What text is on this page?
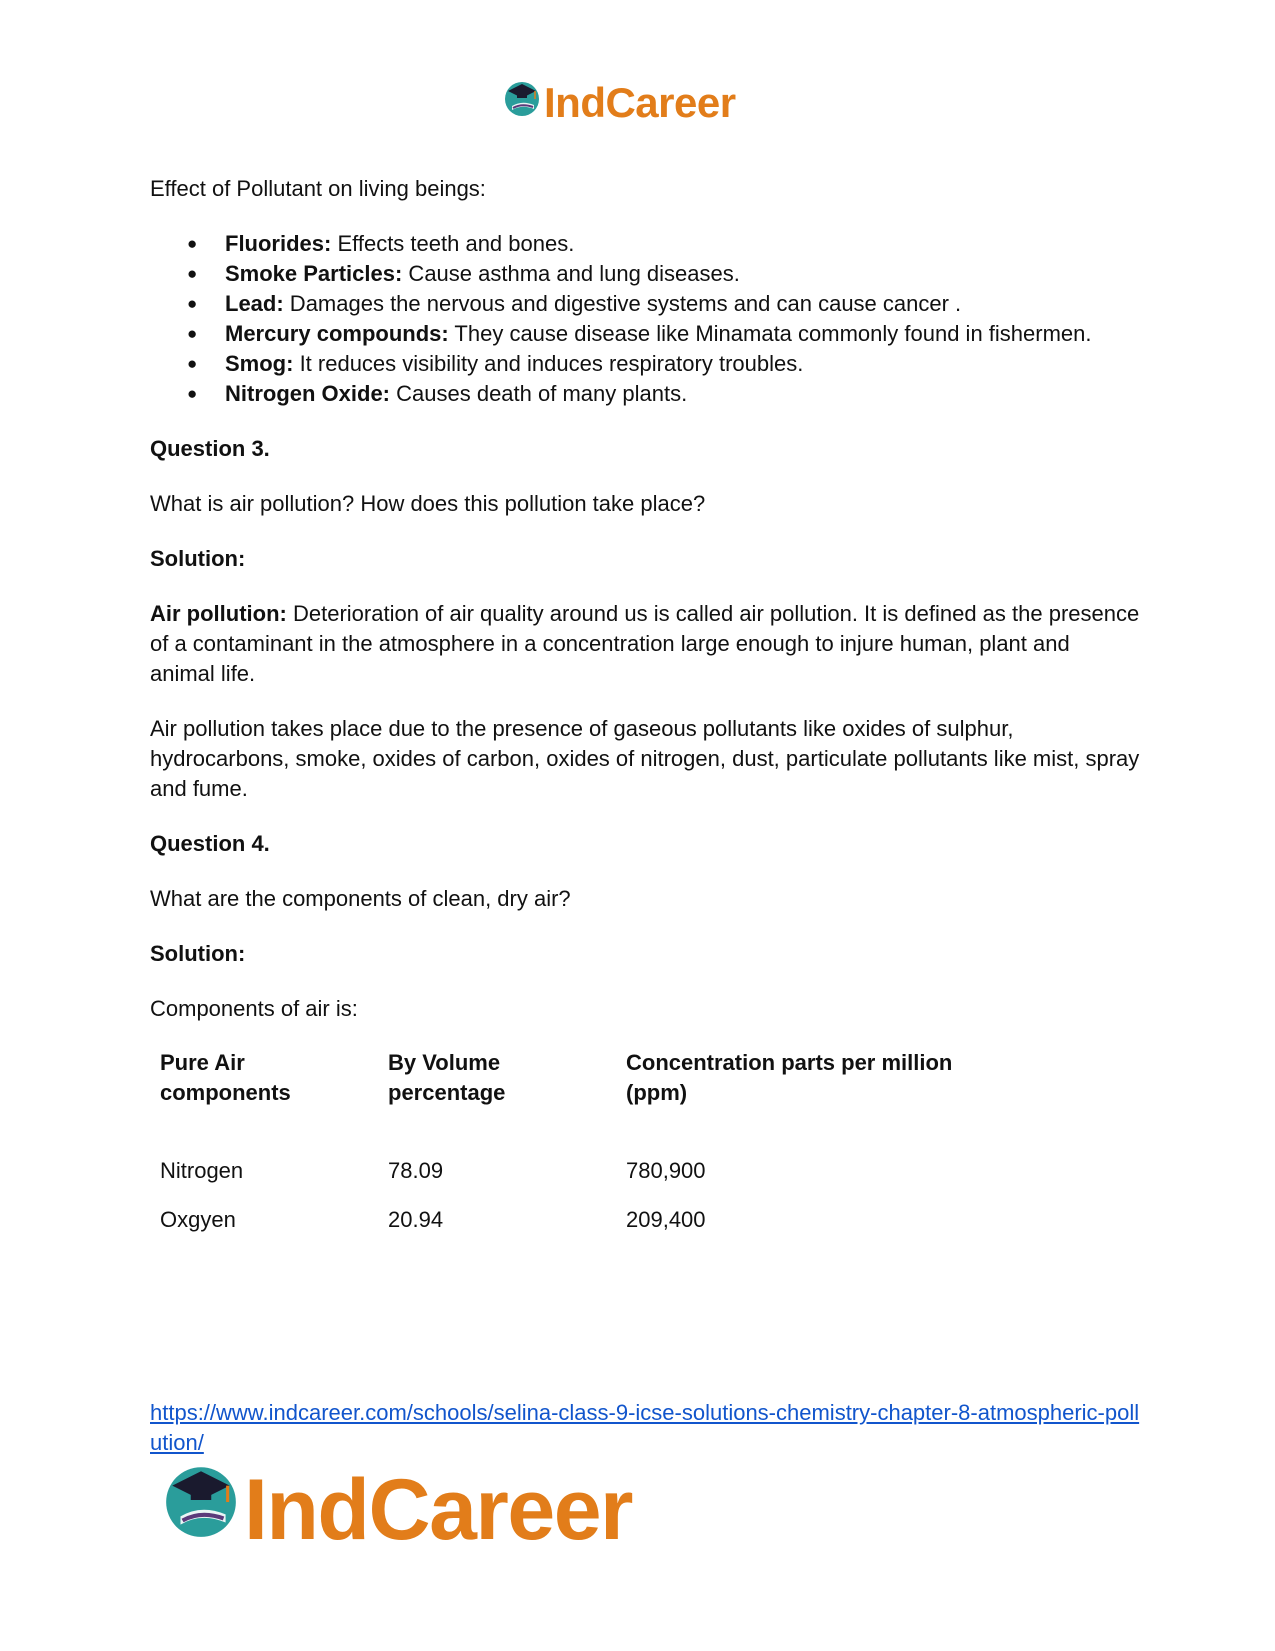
IndCareer

Effect of Pollutant on living beings:

● Fluorides: Effects teeth and bones.
● Smoke Particles: Cause asthma and lung diseases.
● Lead: Damages the nervous and digestive systems and can cause cancer .
● Mercury compounds: They cause disease like Minamata commonly found in fishermen.
● Smog: It reduces visibility and induces respiratory troubles.
● Nitrogen Oxide: Causes death of many plants.

Question 3.

What is air pollution? How does this pollution take place?

Solution:

Air pollution: Deterioration of air quality around us is called air pollution. It is defined as the presence of a contaminant in the atmosphere in a concentration large enough to injure human, plant and animal life.

Air pollution takes place due to the presence of gaseous pollutants like oxides of sulphur, hydrocarbons, smoke, oxides of carbon, oxides of nitrogen, dust, particulate pollutants like mist, spray and fume.

Question 4.

What are the components of clean, dry air?

Solution:

Components of air is:

Pure Air components	By Volume percentage	Concentration parts per million (ppm)
Nitrogen	78.09	780,900
Oxgyen	20.94	209,400
https://www.indcareer.com/schools/selina-class-9-icse-solutions-chemistry-chapter-8-atmospheric-pollution/
IndCareer
